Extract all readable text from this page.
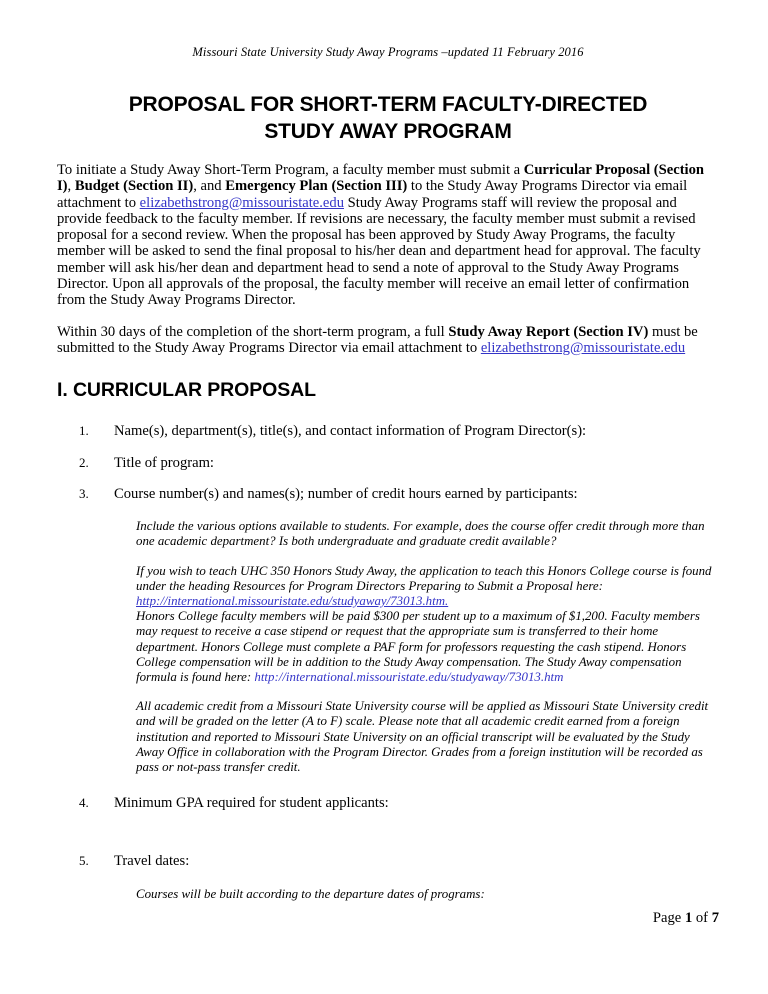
Missouri State University Study Away Programs –updated 11 February 2016
PROPOSAL FOR SHORT-TERM FACULTY-DIRECTED
STUDY AWAY PROGRAM

To initiate a Study Away Short-Term Program, a faculty member must submit a Curricular Proposal (Section I), Budget (Section II), and Emergency Plan (Section III) to the Study Away Programs Director via email attachment to elizabethstrong@missouristate.edu Study Away Programs staff will review the proposal and provide feedback to the faculty member. If revisions are necessary, the faculty member must submit a revised proposal for a second review. When the proposal has been approved by Study Away Programs, the faculty member will be asked to send the final proposal to his/her dean and department head for approval. The faculty member will ask his/her dean and department head to send a note of approval to the Study Away Programs Director. Upon all approvals of the proposal, the faculty member will receive an email letter of confirmation from the Study Away Programs Director.

Within 30 days of the completion of the short-term program, a full Study Away Report (Section IV) must be submitted to the Study Away Programs Director via email attachment to elizabethstrong@missouristate.edu

I. CURRICULAR PROPOSAL
1. Name(s), department(s), title(s), and contact information of Program Director(s):
2. Title of program:
3. Course number(s) and names(s); number of credit hours earned by participants:

Include the various options available to students. For example, does the course offer credit through more than one academic department? Is both undergraduate and graduate credit available?

If you wish to teach UHC 350 Honors Study Away, the application to teach this Honors College course is found under the heading Resources for Program Directors Preparing to Submit a Proposal here: http://international.missouristate.edu/studyaway/73013.htm.
Honors College faculty members will be paid $300 per student up to a maximum of $1,200. Faculty members may request to receive a case stipend or request that the appropriate sum is transferred to their home department. Honors College must complete a PAF form for professors requesting the cash stipend. Honors College compensation will be in addition to the Study Away compensation. The Study Away compensation formula is found here: http://international.missouristate.edu/studyaway/73013.htm

All academic credit from a Missouri State University course will be applied as Missouri State University credit and will be graded on the letter (A to F) scale. Please note that all academic credit earned from a foreign institution and reported to Missouri State University on an official transcript will be evaluated by the Study Away Office in collaboration with the Program Director. Grades from a foreign institution will be recorded as pass or not-pass transfer credit.

4. Minimum GPA required for student applicants:
5. Travel dates:

Courses will be built according to the departure dates of programs:

Page 1 of 7
